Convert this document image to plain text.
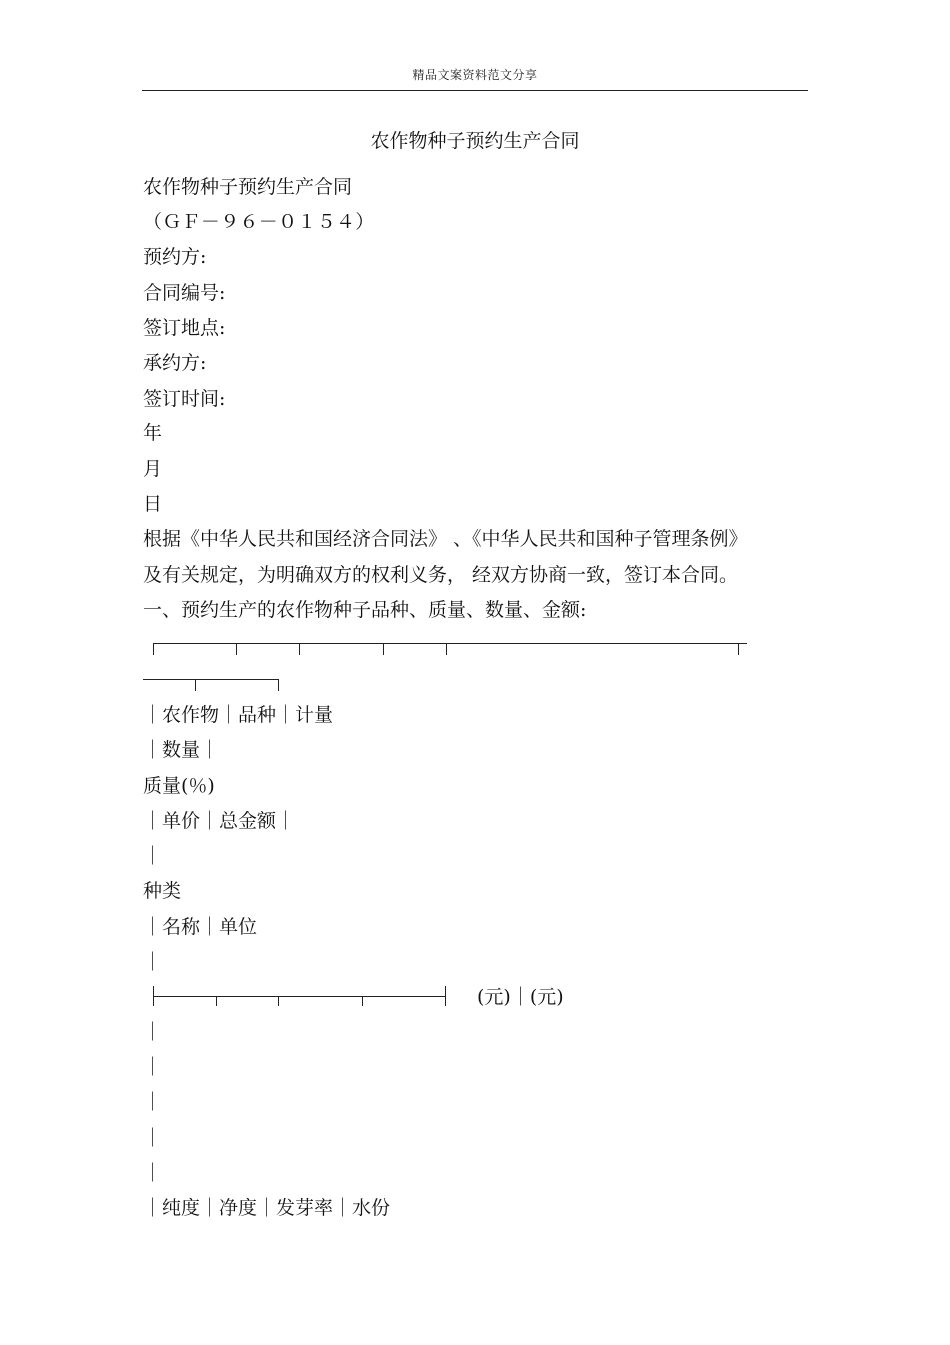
精品文案资料范文分享
农作物种子预约生产合同
农作物种子预约生产合同
（ＧＦ－９６－０１５４）
预约方:
合同编号:
签订地点:
承约方:
签订时间:
年
月
日
根据《中华人民共和国经济合同法》 、《中华人民共和国种子管理条例》
及有关规定，为明确双方的权利义务， 经双方协商一致，签订本合同。
一、预约生产的农作物种子品种、质量、数量、金额:
｜农作物｜品种｜计量
｜数量｜
质量(％)
｜单价｜总金额｜
｜
种类
｜名称｜单位
｜
(元)｜(元)
｜
｜
｜
｜
｜
｜纯度｜净度｜发芽率｜水份
